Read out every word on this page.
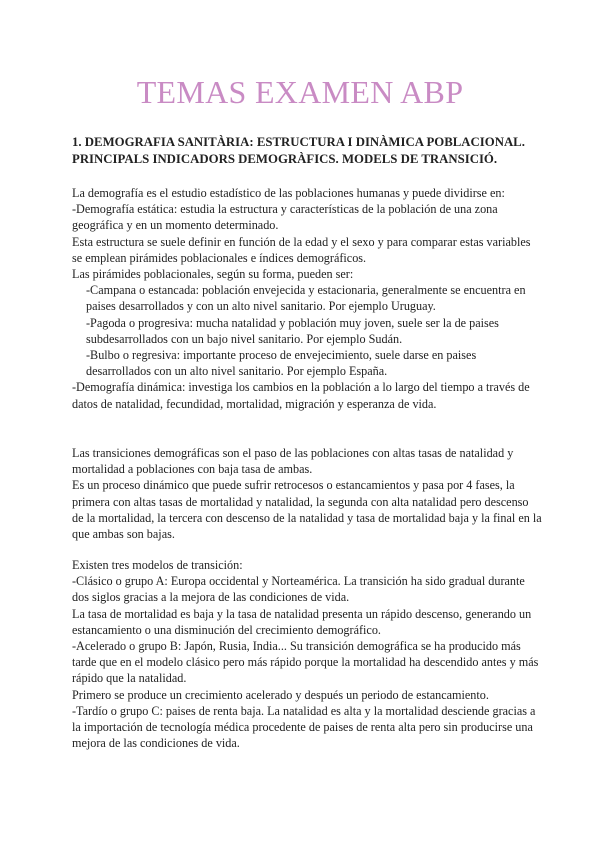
TEMAS EXAMEN ABP
1. DEMOGRAFIA SANITÀRIA: ESTRUCTURA I DINÀMICA POBLACIONAL. PRINCIPALS INDICADORS DEMOGRÀFICS. MODELS DE TRANSICIÓ.

La demografía es el estudio estadístico de las poblaciones humanas y puede dividirse en:

-Demografía estática: estudia la estructura y características de la población de una zona geográfica y en un momento determinado.

Esta estructura se suele definir en función de la edad y el sexo y para comparar estas variables se emplean pirámides poblacionales e índices demográficos.

Las pirámides poblacionales, según su forma, pueden ser:

-Campana o estancada: población envejecida y estacionaria, generalmente se encuentra en paises desarrollados y con un alto nivel sanitario. Por ejemplo Uruguay.

-Pagoda o progresiva: mucha natalidad y población muy joven, suele ser la de paises subdesarrollados con un bajo nivel sanitario. Por ejemplo Sudán.

-Bulbo o regresiva: importante proceso de envejecimiento, suele darse en paises desarrollados con un alto nivel sanitario. Por ejemplo España.

-Demografía dinámica: investiga los cambios en la población a lo largo del tiempo a través de datos de natalidad, fecundidad, mortalidad, migración y esperanza de vida.

Las transiciones demográficas son el paso de las poblaciones con altas tasas de natalidad y mortalidad a poblaciones con baja tasa de ambas.

Es un proceso dinámico que puede sufrir retrocesos o estancamientos y pasa por 4 fases, la primera con altas tasas de mortalidad y natalidad, la segunda con alta natalidad pero descenso de la mortalidad, la tercera con descenso de la natalidad y tasa de mortalidad baja y la final en la que ambas son bajas.

Existen tres modelos de transición:

-Clásico o grupo A: Europa occidental y Norteamérica. La transición ha sido gradual durante dos siglos gracias a la mejora de las condiciones de vida.

La tasa de mortalidad es baja y la tasa de natalidad presenta un rápido descenso, generando un estancamiento o una disminución del crecimiento demográfico.

-Acelerado o grupo B: Japón, Rusia, India... Su transición demográfica se ha producido más tarde que en el modelo clásico pero más rápido porque la mortalidad ha descendido antes y más rápido que la natalidad.

Primero se produce un crecimiento acelerado y después un periodo de estancamiento.

-Tardío o grupo C: paises de renta baja. La natalidad es alta y la mortalidad desciende gracias a la importación de tecnología médica procedente de paises de renta alta pero sin producirse una mejora de las condiciones de vida.
